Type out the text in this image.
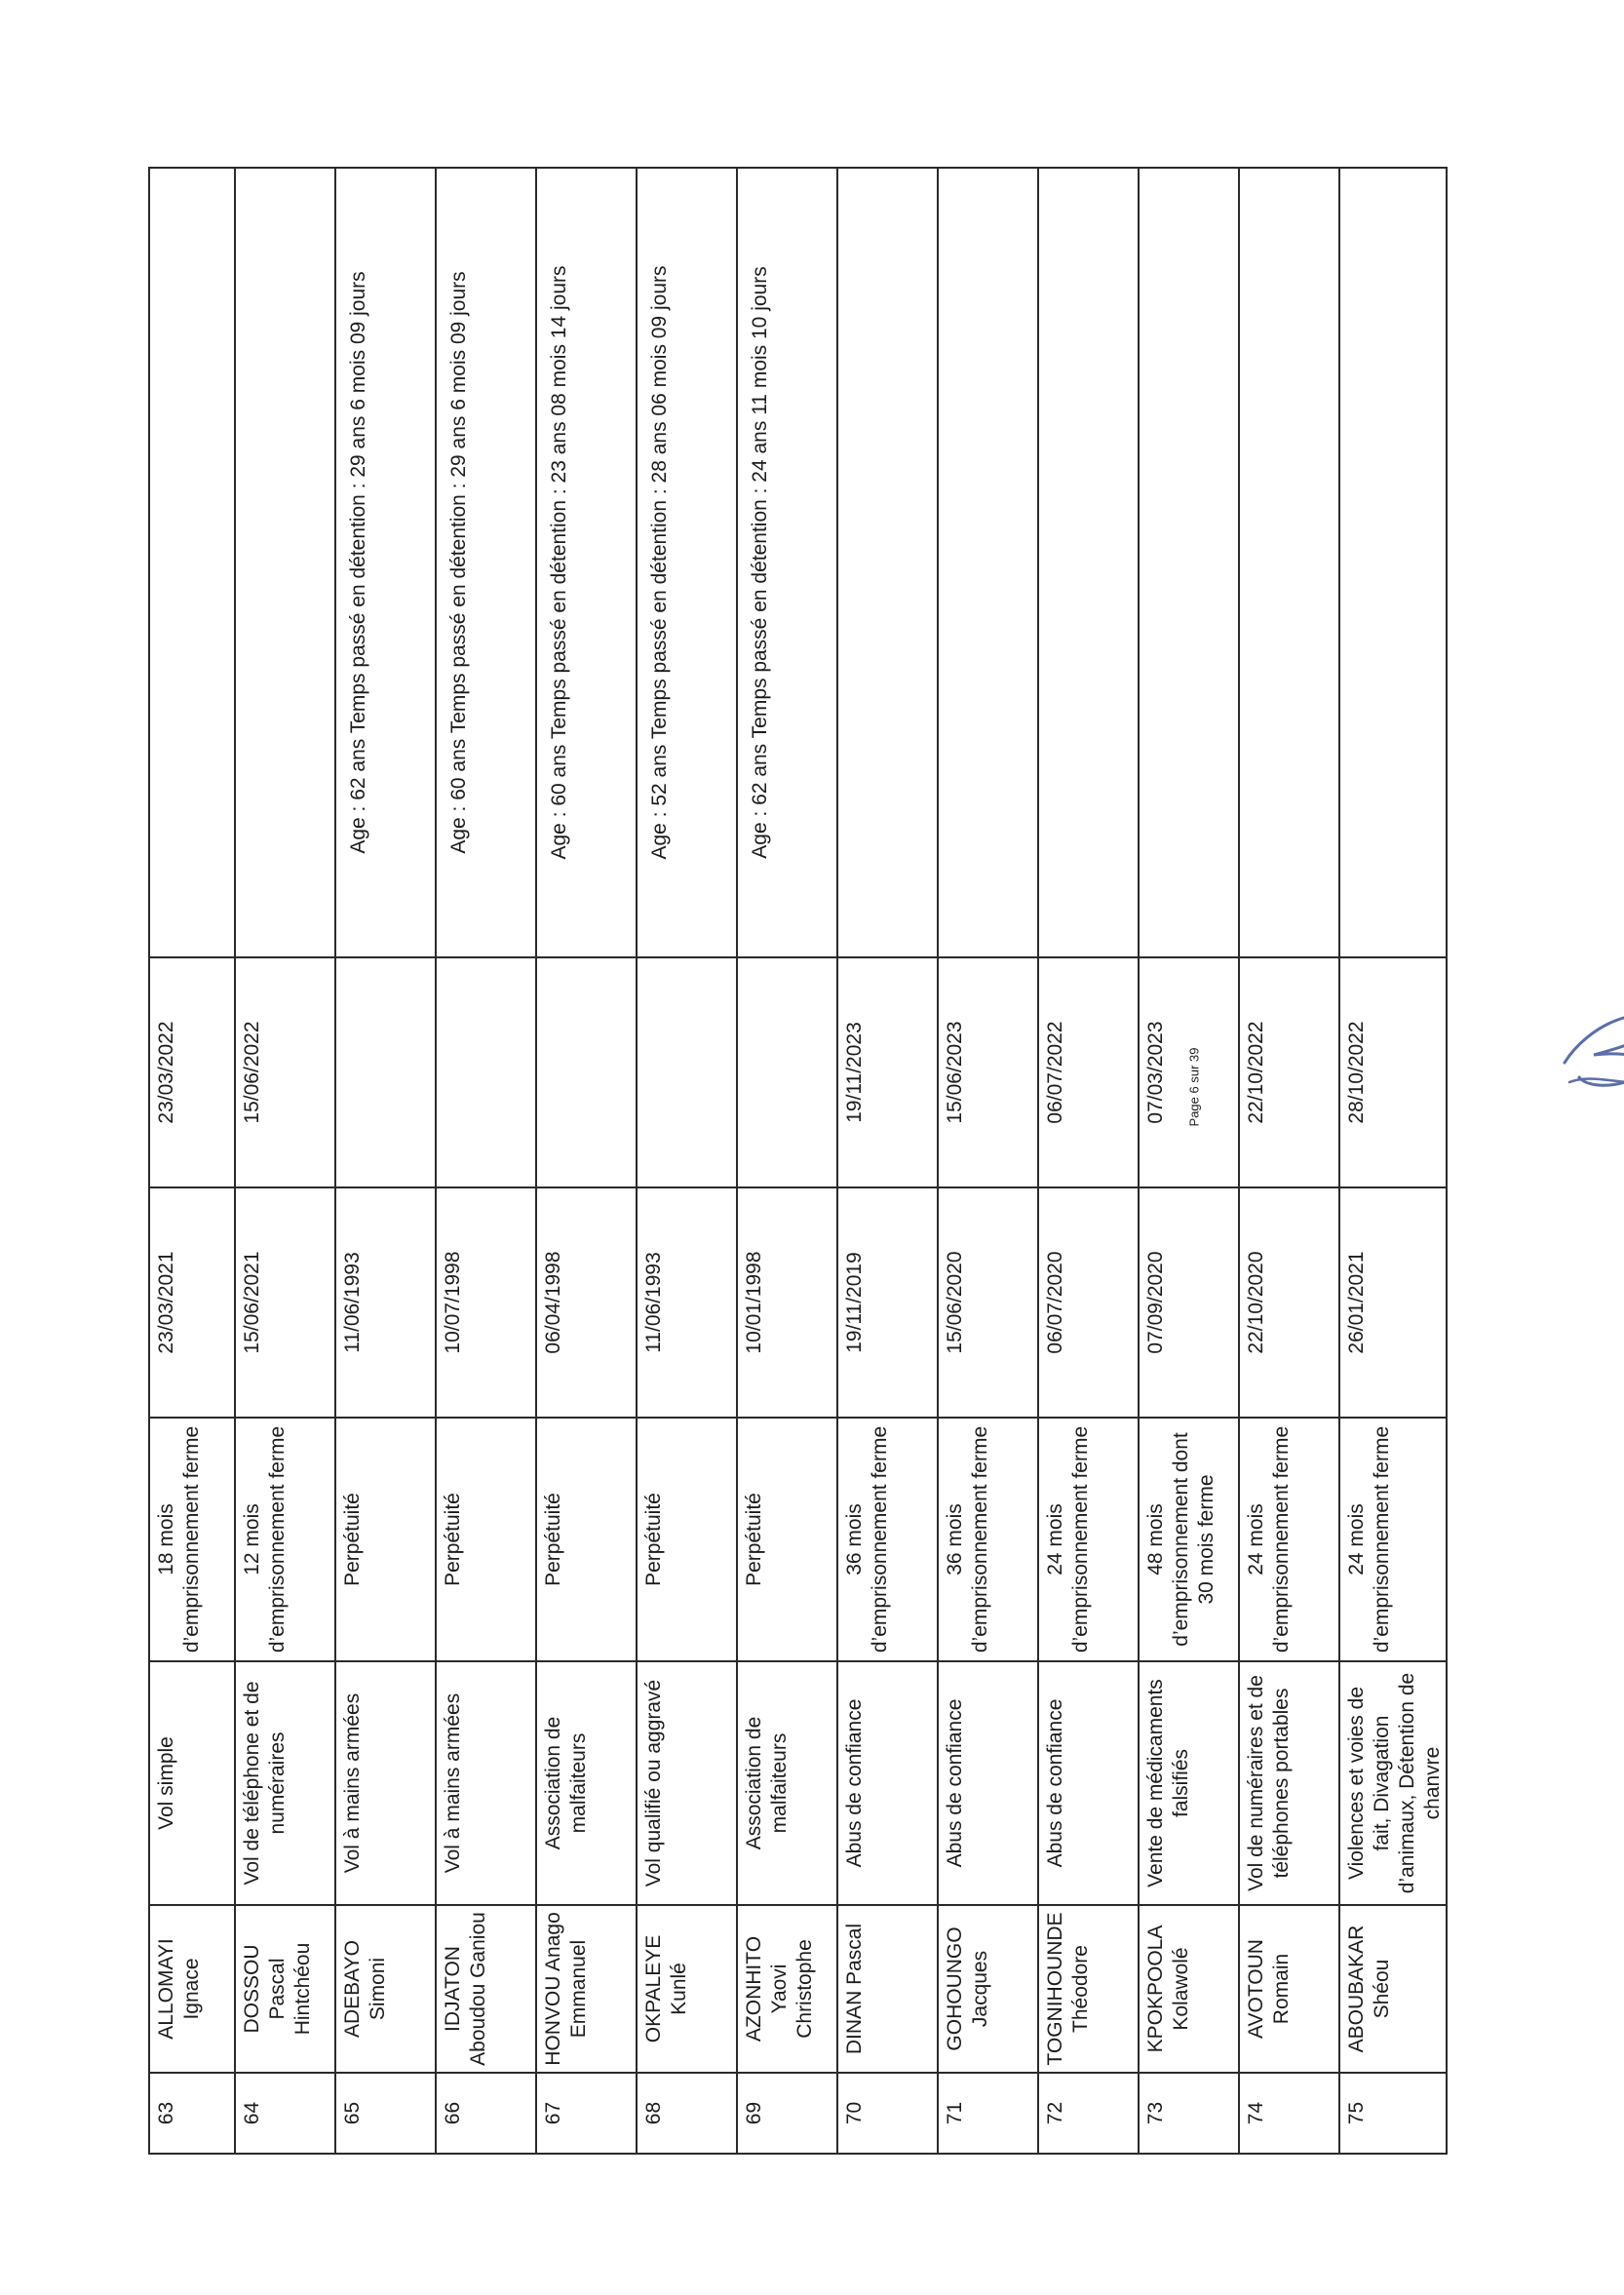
63	ALLOMAYI Ignace	Vol simple	18 mois d’emprisonnement ferme	23/03/2021	23/03/2022	
64	DOSSOU Pascal Hintchéou	Vol de téléphone et de numéraires	12 mois d’emprisonnement ferme	15/06/2021	15/06/2022	
65	ADEBAYO Simoni	Vol à mains armées	Perpétuité	11/06/1993		Age : 62 ans Temps passé en détention : 29 ans 6 mois 09 jours
66	IDJATON Aboudou Ganiou	Vol à mains armées	Perpétuité	10/07/1998		Age : 60 ans Temps passé en détention : 29 ans 6 mois 09 jours
67	HONVOU Anago Emmanuel	Association de malfaiteurs	Perpétuité	06/04/1998		Age : 60 ans Temps passé en détention : 23 ans 08 mois 14 jours
68	OKPALEYE Kunlé	Vol qualifié ou aggravé	Perpétuité	11/06/1993		Age : 52 ans Temps passé en détention : 28 ans 06 mois 09 jours
69	AZONHITO Yaovi Christophe	Association de malfaiteurs	Perpétuité	10/01/1998		Age : 62 ans Temps passé en détention : 24 ans 11 mois 10 jours
70	DINAN Pascal	Abus de confiance	36 mois d’emprisonnement ferme	19/11/2019	19/11/2023	
71	GOHOUNGO Jacques	Abus de confiance	36 mois d’emprisonnement ferme	15/06/2020	15/06/2023	
72	TOGNIHOUNDE Théodore	Abus de confiance	24 mois d’emprisonnement ferme	06/07/2020	06/07/2022	
73	KPOKPOOLA Kolawolé	Vente de médicaments falsifiés	48 mois d’emprisonnement dont 30 mois ferme	07/09/2020	07/03/2023	
74	AVOTOUN Romain	Vol de numéraires et de téléphones portables	24 mois d’emprisonnement ferme	22/10/2020	22/10/2022	
75	ABOUBAKAR Shéou	Violences et voies de fait, Divagation d’animaux, Détention de chanvre	24 mois d’emprisonnement ferme	26/01/2021	28/10/2022	
Page 6 sur 39
